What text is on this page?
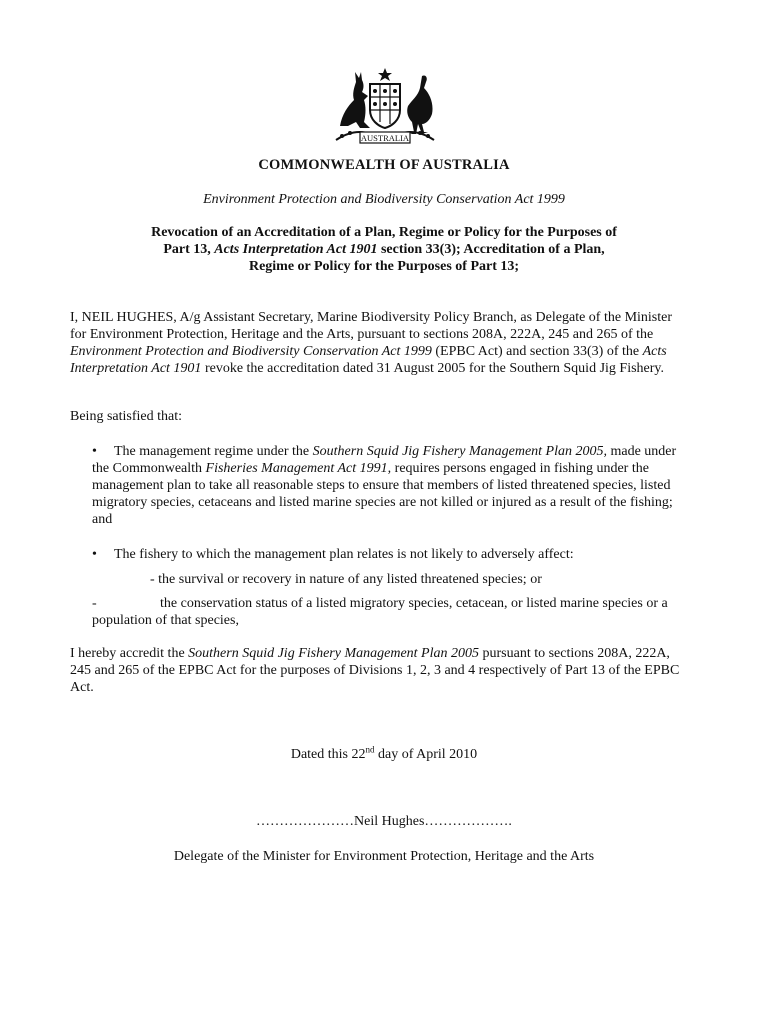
AUSTRALIA
COMMONWEALTH OF AUSTRALIA
Environment Protection and Biodiversity Conservation Act 1999
Revocation of an Accreditation of a Plan, Regime or Policy for the Purposes of
Part 13, Acts Interpretation Act 1901 section 33(3); Accreditation of a Plan,
Regime or Policy for the Purposes of Part 13;
I, NEIL HUGHES, A/g Assistant Secretary, Marine Biodiversity Policy Branch, as Delegate of the Minister for Environment Protection, Heritage and the Arts, pursuant to sections 208A, 222A, 245 and 265 of the Environment Protection and Biodiversity Conservation Act 1999 (EPBC Act) and section 33(3) of the Acts Interpretation Act 1901 revoke the accreditation dated 31 August 2005 for the Southern Squid Jig Fishery.
Being satisfied that:
• The management regime under the Southern Squid Jig Fishery Management Plan 2005, made under the Commonwealth Fisheries Management Act 1991, requires persons engaged in fishing under the management plan to take all reasonable steps to ensure that members of listed threatened species, listed migratory species, cetaceans and listed marine species are not killed or injured as a result of the fishing; and
• The fishery to which the management plan relates is not likely to adversely affect:
- the survival or recovery in nature of any listed threatened species; or
-	the conservation status of a listed migratory species, cetacean, or listed marine species or a population of that species,
I hereby accredit the Southern Squid Jig Fishery Management Plan 2005 pursuant to sections 208A, 222A, 245 and 265 of the EPBC Act for the purposes of Divisions 1, 2, 3 and 4 respectively of Part 13 of the EPBC Act.
Dated this 22nd day of April 2010
…………………Neil Hughes……………….
Delegate of the Minister for Environment Protection, Heritage and the Arts
